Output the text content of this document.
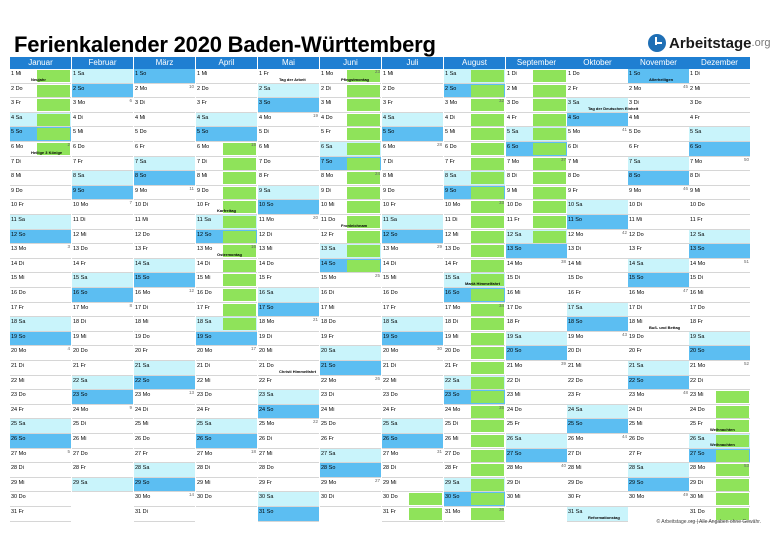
Ferienkalender 2020 Baden-Württemberg	Arbeitstage .org
Januar
1 Mi
Neujahr
2 Do
3 Fr
4 Sa
5 So
6 Mo	2
Heilige 3 Könige
7 Di
8 Mi
9 Do
10 Fr
11 Sa
12 So
13 Mo	3
14 Di
15 Mi
16 Do
17 Fr
18 Sa
19 So
20 Mo	4
21 Di
22 Mi
23 Do
24 Fr
25 Sa
26 So
27 Mo	5
28 Di
29 Mi
30 Do
31 Fr
Februar
1 Sa
2 So
3 Mo	6
4 Di
5 Mi
6 Do
7 Fr
8 Sa
9 So
10 Mo	7
11 Di
12 Mi
13 Do
14 Fr
15 Sa
16 So
17 Mo	8
18 Di
19 Mi
20 Do
21 Fr
22 Sa
23 So
24 Mo	9
25 Di
26 Mi
27 Do
28 Fr
29 Sa
März
1 So
2 Mo	10
3 Di
4 Mi
5 Do
6 Fr
7 Sa
8 So
9 Mo	11
10 Di
11 Mi
12 Do
13 Fr
14 Sa
15 So
16 Mo	12
17 Di
18 Mi
19 Do
20 Fr
21 Sa
22 So
23 Mo	13
24 Di
25 Mi
26 Do
27 Fr
28 Sa
29 So
30 Mo	14
31 Di
April
1 Mi
2 Do
3 Fr
4 Sa
5 So
6 Mo	15
7 Di
8 Mi
9 Do
10 Fr
Karfreitag
11 Sa
12 So
13 Mo	16
Ostermontag
14 Di
15 Mi
16 Do
17 Fr
18 Sa
19 So
20 Mo	17
21 Di
22 Mi
23 Do
24 Fr
25 Sa
26 So
27 Mo	18
28 Di
29 Mi
30 Do
Mai
1 Fr
Tag der Arbeit
2 Sa
3 So
4 Mo	19
5 Di
6 Mi
7 Do
8 Fr
9 Sa
10 So
11 Mo	20
12 Di
13 Mi
14 Do
15 Fr
16 Sa
17 So
18 Mo	21
19 Di
20 Mi
21 Do
Christi Himmelfahrt
22 Fr
23 Sa
24 So
25 Mo	22
26 Di
27 Mi
28 Do
29 Fr
30 Sa
31 So
Juni
1 Mo	23
Pfingstmontag
2 Di
3 Mi
4 Do
5 Fr
6 Sa
7 So
8 Mo	24
9 Di
10 Mi
11 Do
Fronleichnam
12 Fr
13 Sa
14 So
15 Mo	25
16 Di
17 Mi
18 Do
19 Fr
20 Sa
21 So
22 Mo	26
23 Di
24 Mi
25 Do
26 Fr
27 Sa
28 So
29 Mo	27
30 Di
Juli
1 Mi
2 Do
3 Fr
4 Sa
5 So
6 Mo	28
7 Di
8 Mi
9 Do
10 Fr
11 Sa
12 So
13 Mo	29
14 Di
15 Mi
16 Do
17 Fr
18 Sa
19 So
20 Mo	30
21 Di
22 Mi
23 Do
24 Fr
25 Sa
26 So
27 Mo	31
28 Di
29 Mi
30 Do
31 Fr
August
1 Sa
2 So
3 Mo	32
4 Di
5 Mi
6 Do
7 Fr
8 Sa
9 So
10 Mo	33
11 Di
12 Mi
13 Do
14 Fr
15 Sa
Mariä Himmelfahrt
16 So
17 Mo	34
18 Di
19 Mi
20 Do
21 Fr
22 Sa
23 So
24 Mo	35
25 Di
26 Mi
27 Do
28 Fr
29 Sa
30 So
31 Mo	36
September
1 Di
2 Mi
3 Do
4 Fr
5 Sa
6 So
7 Mo	37
8 Di
9 Mi
10 Do
11 Fr
12 Sa
13 So
14 Mo	38
15 Di
16 Mi
17 Do
18 Fr
19 Sa
20 So
21 Mo	39
22 Di
23 Mi
24 Do
25 Fr
26 Sa
27 So
28 Mo	40
29 Di
30 Mi
Oktober
1 Do
2 Fr
3 Sa
Tag der Deutschen Einheit
4 So
5 Mo	41
6 Di
7 Mi
8 Do
9 Fr
10 Sa
11 So
12 Mo	42
13 Di
14 Mi
15 Do
16 Fr
17 Sa
18 So
19 Mo	43
20 Di
21 Mi
22 Do
23 Fr
24 Sa
25 So
26 Mo	44
27 Di
28 Mi
29 Do
30 Fr
31 Sa
Reformationstag
November
1 So
Allerheiligen
2 Mo	45
3 Di
4 Mi
5 Do
6 Fr
7 Sa
8 So
9 Mo	46
10 Di
11 Mi
12 Do
13 Fr
14 Sa
15 So
16 Mo	47
17 Di
18 Mi
Buß- und Bettag
19 Do
20 Fr
21 Sa
22 So
23 Mo	48
24 Di
25 Mi
26 Do
27 Fr
28 Sa
29 So
30 Mo	49
Dezember
1 Di
2 Mi
3 Do
4 Fr
5 Sa
6 So
7 Mo	50
8 Di
9 Mi
10 Do
11 Fr
12 Sa
13 So
14 Mo	51
15 Di
16 Mi
17 Do
18 Fr
19 Sa
20 So
21 Mo	52
22 Di
23 Mi
24 Do
25 Fr
Weihnachten
26 Sa
Weihnachten
27 So
28 Mo	53
29 Di
30 Mi
31 Do
© Arbeitstage.org | Alle Angaben ohne Gewähr.
